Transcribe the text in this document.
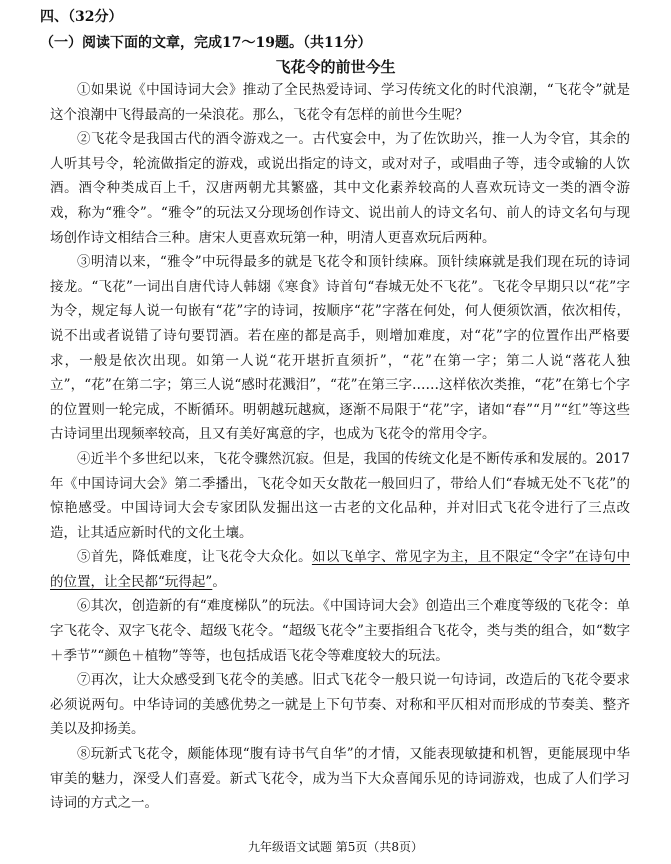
四、（32分）
（一）阅读下面的文章，完成17～19题。（共11分）
飞花令的前世今生

①如果说《中国诗词大会》推动了全民热爱诗词、学习传统文化的时代浪潮，“飞花令”就是这个浪潮中飞得最高的一朵浪花。那么，飞花令有怎样的前世今生呢？

②飞花令是我国古代的酒令游戏之一。古代宴会中，为了佐饮助兴，推一人为令官，其余的人听其号令，轮流做指定的游戏，或说出指定的诗文，或对对子，或唱曲子等，违令或输的人饮酒。酒令种类成百上千，汉唐两朝尤其繁盛，其中文化素养较高的人喜欢玩诗文一类的酒令游戏，称为“雅令”。“雅令”的玩法又分现场创作诗文、说出前人的诗文名句、前人的诗文名句与现场创作诗文相结合三种。唐宋人更喜欢玩第一种，明清人更喜欢玩后两种。

③明清以来，“雅令”中玩得最多的就是飞花令和顶针续麻。顶针续麻就是我们现在玩的诗词接龙。“飞花”一词出自唐代诗人韩翃《寒食》诗首句“春城无处不飞花”。飞花令早期只以“花”字为令，规定每人说一句嵌有“花”字的诗词，按顺序“花”字落在何处，何人便须饮酒，依次相传，说不出或者说错了诗句要罚酒。若在座的都是高手，则增加难度，对“花”字的位置作出严格要求，一般是依次出现。如第一人说“花开堪折直须折”，“花”在第一字；第二人说“落花人独立”，“花”在第二字；第三人说“感时花溅泪”，“花”在第三字……这样依次类推，“花”在第七个字的位置则一轮完成，不断循环。明朝越玩越疯，逐渐不局限于“花”字，诸如“春”“月”“红”等这些古诗词里出现频率较高，且又有美好寓意的字，也成为飞花令的常用令字。

④近半个多世纪以来，飞花令骤然沉寂。但是，我国的传统文化是不断传承和发展的。2017年《中国诗词大会》第二季播出，飞花令如天女散花一般回归了，带给人们“春城无处不飞花”的惊艳感受。中国诗词大会专家团队发掘出这一古老的文化品种，并对旧式飞花令进行了三点改造，让其适应新时代的文化土壤。

⑤首先，降低难度，让飞花令大众化。如以飞单字、常见字为主，且不限定“令字”在诗句中的位置，让全民都“玩得起”。

⑥其次，创造新的有“难度梯队”的玩法。《中国诗词大会》创造出三个难度等级的飞花令：单字飞花令、双字飞花令、超级飞花令。“超级飞花令”主要指组合飞花令，类与类的组合，如“数字＋季节”“颜色＋植物”等等，也包括成语飞花令等难度较大的玩法。

⑦再次，让大众感受到飞花令的美感。旧式飞花令一般只说一句诗词，改造后的飞花令要求必须说两句。中华诗词的美感优势之一就是上下句节奏、对称和平仄相对而形成的节奏美、整齐美以及抑扬美。

⑧玩新式飞花令，颇能体现“腹有诗书气自华”的才情，又能表现敏捷和机智，更能展现中华审美的魅力，深受人们喜爱。新式飞花令，成为当下大众喜闻乐见的诗词游戏，也成了人们学习诗词的方式之一。

九年级语文试题 第5页（共8页）
